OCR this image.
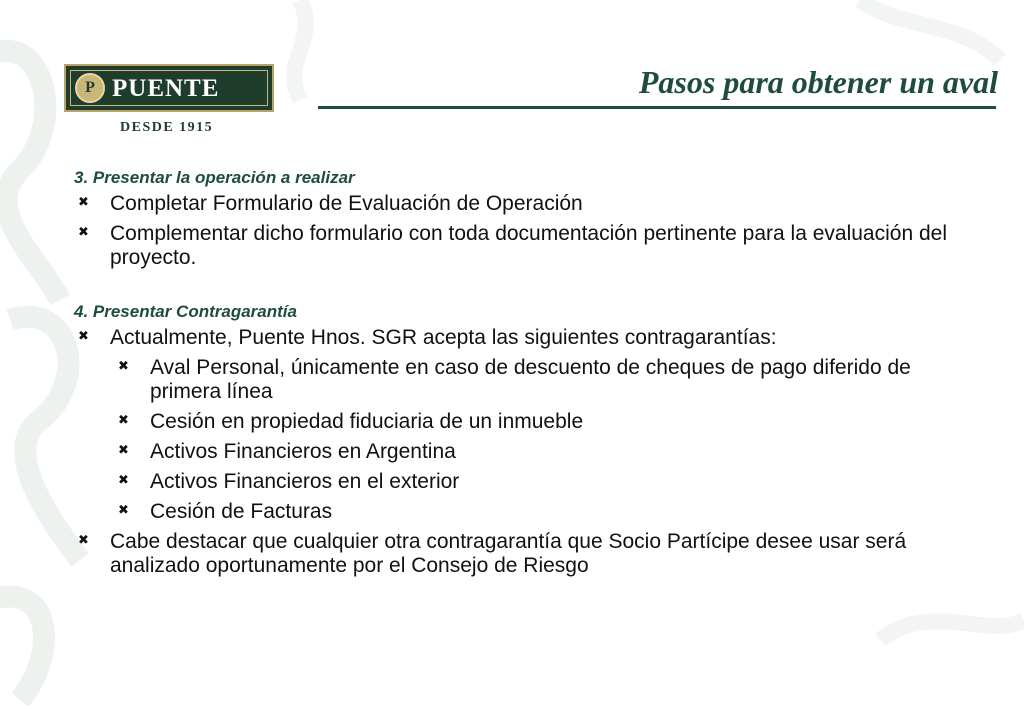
P PUENTE
DESDE 1915
Pasos para obtener un aval
3. Presentar la operación a realizar
✖ Completar Formulario de Evaluación de Operación
✖ Complementar dicho formulario con toda documentación pertinente para la evaluación del proyecto.
4. Presentar Contragarantía
✖ Actualmente, Puente Hnos. SGR acepta las siguientes contragarantías:
✖ Aval Personal, únicamente en caso de descuento de cheques de pago diferido de primera línea
✖ Cesión en propiedad fiduciaria de un inmueble
✖ Activos Financieros en Argentina
✖ Activos Financieros en el exterior
✖ Cesión de Facturas
✖ Cabe destacar que cualquier otra contragarantía que Socio Partícipe desee usar será analizado oportunamente por el Consejo de Riesgo
